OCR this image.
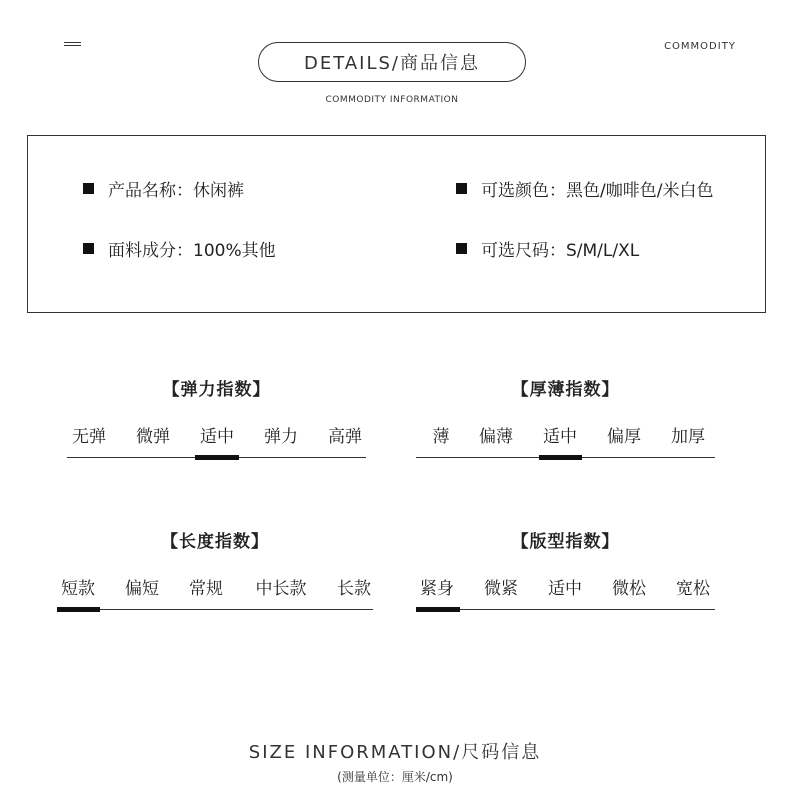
DETAILS/商品信息
COMMODITY INFORMATION
COMMODITY
产品名称：休闲裤	可选颜色：黑色/咖啡色/米白色
面料成分：100%其他	可选尺码：S/M/L/XL
【弹力指数】
无弹	微弹	适中	弹力	高弹
【厚薄指数】
薄	偏薄	适中	偏厚	加厚
【长度指数】
短款	偏短	常规	中长款	长款
【版型指数】
紧身	微紧	适中	微松	宽松
SIZE INFORMATION/尺码信息
(测量单位：厘米/cm)
